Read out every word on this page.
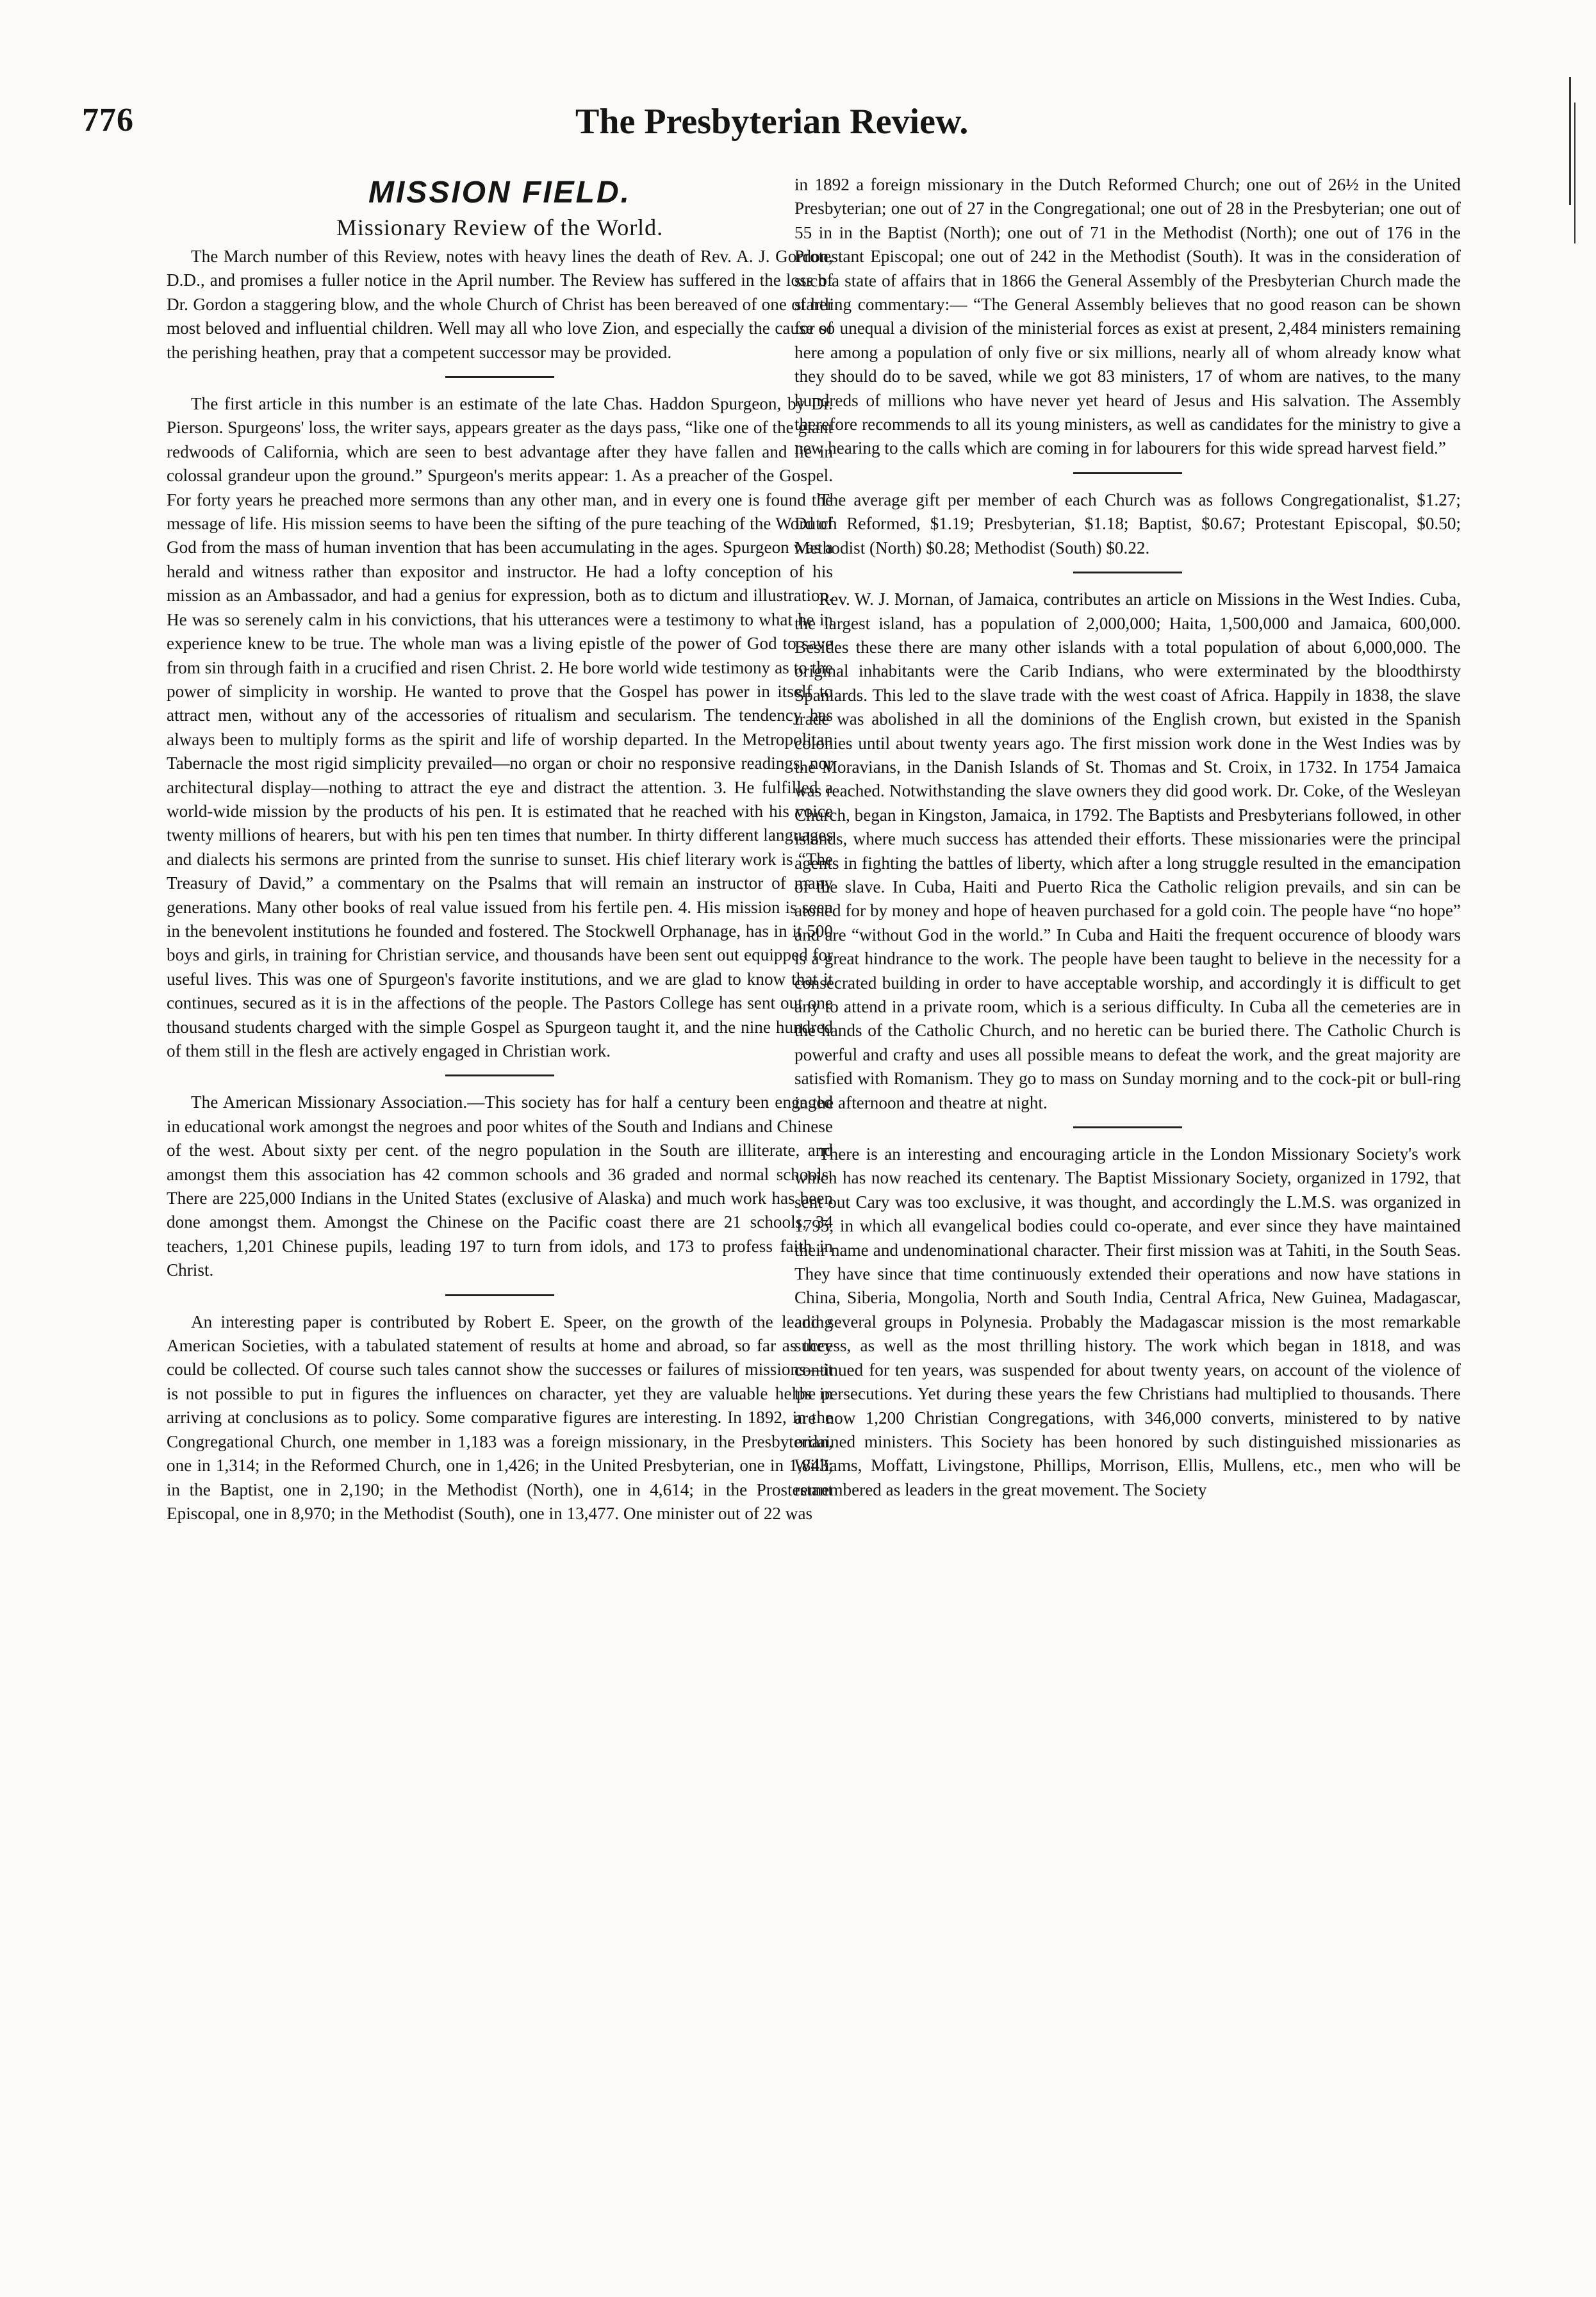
776	The Presbyterian Review.
MISSION FIELD.
Missionary Review of the World.

The March number of this Review, notes with heavy lines the death of Rev. A. J. Gordon, D.D., and promises a fuller notice in the April number. The Review has suffered in the loss of Dr. Gordon a staggering blow, and the whole Church of Christ has been bereaved of one of her most beloved and influential children. Well may all who love Zion, and especially the cause of the perishing heathen, pray that a competent successor may be provided.

The first article in this number is an estimate of the late Chas. Haddon Spurgeon, by Dr. Pierson. Spurgeons' loss, the writer says, appears greater as the days pass, “like one of the giant redwoods of California, which are seen to best advantage after they have fallen and lie in colossal grandeur upon the ground.” Spurgeon's merits appear: 1. As a preacher of the Gospel. For forty years he preached more sermons than any other man, and in every one is found the message of life. His mission seems to have been the sifting of the pure teaching of the Word of God from the mass of human invention that has been accumulating in the ages. Spurgeon was a herald and witness rather than expositor and instructor. He had a lofty conception of his mission as an Ambassador, and had a genius for expression, both as to dictum and illustration. He was so serenely calm in his convictions, that his utterances were a testimony to what he in experience knew to be true. The whole man was a living epistle of the power of God to save from sin through faith in a crucified and risen Christ. 2. He bore world wide testimony as to the power of simplicity in worship. He wanted to prove that the Gospel has power in itself to attract men, without any of the accessories of ritualism and secularism. The tendency has always been to multiply forms as the spirit and life of worship departed. In the Metropolitan Tabernacle the most rigid simplicity prevailed—no organ or choir no responsive readings, nor architectural display—nothing to attract the eye and distract the attention. 3. He fulfilled a world-wide mission by the products of his pen. It is estimated that he reached with his voice twenty millions of hearers, but with his pen ten times that number. In thirty different languages and dialects his sermons are printed from the sunrise to sunset. His chief literary work is “The Treasury of David,” a commentary on the Psalms that will remain an instructor of many generations. Many other books of real value issued from his fertile pen. 4. His mission is seen in the benevolent institutions he founded and fostered. The Stockwell Orphanage, has in it 500 boys and girls, in training for Christian service, and thousands have been sent out equipped for useful lives. This was one of Spurgeon's favorite institutions, and we are glad to know that it continues, secured as it is in the affections of the people. The Pastors College has sent out one thousand students charged with the simple Gospel as Spurgeon taught it, and the nine hundred of them still in the flesh are actively engaged in Christian work.

The American Missionary Association.—This society has for half a century been engaged in educational work amongst the negroes and poor whites of the South and Indians and Chinese of the west. About sixty per cent. of the negro population in the South are illiterate, and amongst them this association has 42 common schools and 36 graded and normal schools. There are 225,000 Indians in the United States (exclusive of Alaska) and much work has been done amongst them. Amongst the Chinese on the Pacific coast there are 21 schools, 34 teachers, 1,201 Chinese pupils, leading 197 to turn from idols, and 173 to profess faith in Christ.

An interesting paper is contributed by Robert E. Speer, on the growth of the leading American Societies, with a tabulated statement of results at home and abroad, so far as they could be collected. Of course such tales cannot show the successes or failures of missions—it is not possible to put in figures the influences on character, yet they are valuable helps in arriving at conclusions as to policy. Some comparative figures are interesting. In 1892, in the Congregational Church, one member in 1,183 was a foreign missionary, in the Presbyterian, one in 1,314; in the Reformed Church, one in 1,426; in the United Presbyterian, one in 1,843; in the Baptist, one in 2,190; in the Methodist (North), one in 4,614; in the Prostestant Episcopal, one in 8,970; in the Methodist (South), one in 13,477. One minister out of 22 was

in 1892 a foreign missionary in the Dutch Reformed Church; one out of 26½ in the United Presbyterian; one out of 27 in the Congregational; one out of 28 in the Presbyterian; one out of 55 in in the Baptist (North); one out of 71 in the Methodist (North); one out of 176 in the Protestant Episcopal; one out of 242 in the Methodist (South). It was in the consideration of such a state of affairs that in 1866 the General Assembly of the Presbyterian Church made the startling commentary:— “The General Assembly believes that no good reason can be shown for so unequal a division of the ministerial forces as exist at present, 2,484 ministers remaining here among a population of only five or six millions, nearly all of whom already know what they should do to be saved, while we got 83 ministers, 17 of whom are natives, to the many hundreds of millions who have never yet heard of Jesus and His salvation. The Assembly therefore recommends to all its young ministers, as well as candidates for the ministry to give a new hearing to the calls which are coming in for labourers for this wide spread harvest field.”

The average gift per member of each Church was as follows Congregationalist, $1.27; Dutch Reformed, $1.19; Presbyterian, $1.18; Baptist, $0.67; Protestant Episcopal, $0.50; Methodist (North) $0.28; Methodist (South) $0.22.

Rev. W. J. Mornan, of Jamaica, contributes an article on Missions in the West Indies. Cuba, the largest island, has a population of 2,000,000; Haita, 1,500,000 and Jamaica, 600,000. Besides these there are many other islands with a total population of about 6,000,000. The original inhabitants were the Carib Indians, who were exterminated by the bloodthirsty Spaniards. This led to the slave trade with the west coast of Africa. Happily in 1838, the slave trade was abolished in all the dominions of the English crown, but existed in the Spanish colonies until about twenty years ago. The first mission work done in the West Indies was by the Moravians, in the Danish Islands of St. Thomas and St. Croix, in 1732. In 1754 Jamaica was reached. Notwithstanding the slave owners they did good work. Dr. Coke, of the Wesleyan Church, began in Kingston, Jamaica, in 1792. The Baptists and Presbyterians followed, in other islands, where much success has attended their efforts. These missionaries were the principal agents in fighting the battles of liberty, which after a long struggle resulted in the emancipation of the slave. In Cuba, Haiti and Puerto Rica the Catholic religion prevails, and sin can be atoned for by money and hope of heaven purchased for a gold coin. The people have “no hope” and are “without God in the world.” In Cuba and Haiti the frequent occurence of bloody wars is a great hindrance to the work. The people have been taught to believe in the necessity for a consecrated building in order to have acceptable worship, and accordingly it is difficult to get any to attend in a private room, which is a serious difficulty. In Cuba all the cemeteries are in the hands of the Catholic Church, and no heretic can be buried there. The Catholic Church is powerful and crafty and uses all possible means to defeat the work, and the great majority are satisfied with Romanism. They go to mass on Sunday morning and to the cock-pit or bull-ring in the afternoon and theatre at night.

There is an interesting and encouraging article in the London Missionary Society's work which has now reached its centenary. The Baptist Missionary Society, organized in 1792, that sent out Cary was too exclusive, it was thought, and accordingly the L.M.S. was organized in 1795, in which all evangelical bodies could co-operate, and ever since they have maintained their name and undenominational character. Their first mission was at Tahiti, in the South Seas. They have since that time continuously extended their operations and now have stations in China, Siberia, Mongolia, North and South India, Central Africa, New Guinea, Madagascar, and several groups in Polynesia. Probably the Madagascar mission is the most remarkable success, as well as the most thrilling history. The work which began in 1818, and was continued for ten years, was suspended for about twenty years, on account of the violence of the persecutions. Yet during these years the few Christians had multiplied to thousands. There are now 1,200 Christian Congregations, with 346,000 converts, ministered to by native ordained ministers. This Society has been honored by such distinguished missionaries as Williams, Moffatt, Livingstone, Phillips, Morrison, Ellis, Mullens, etc., men who will be remembered as leaders in the great movement. The Society
